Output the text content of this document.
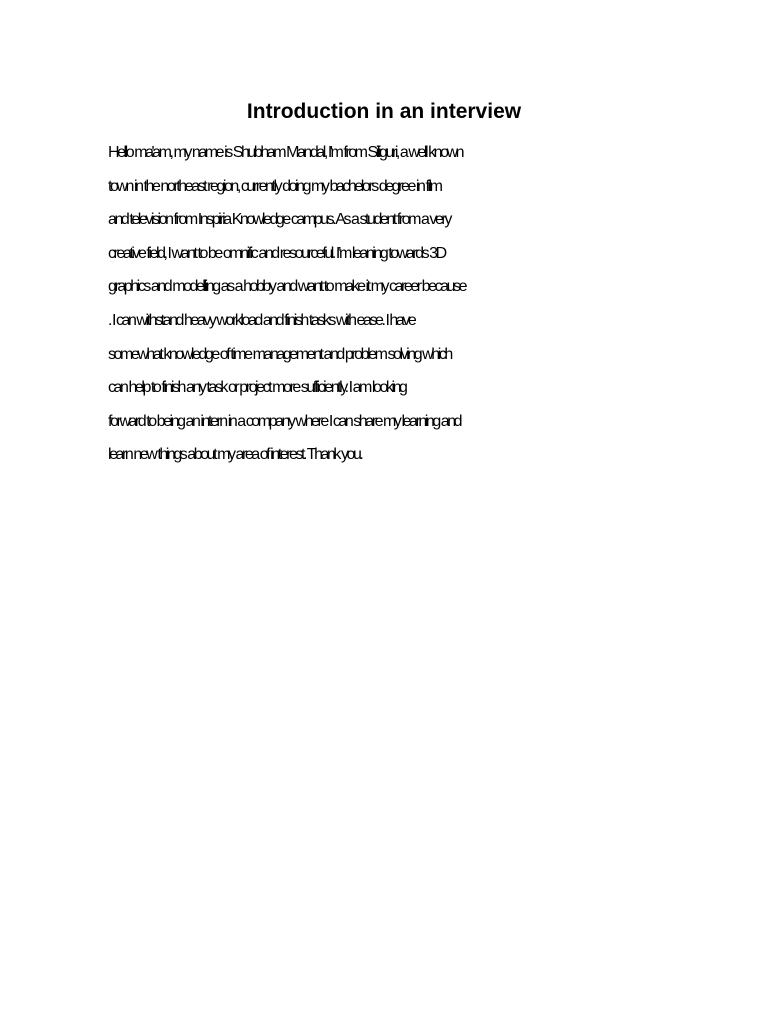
Introduction in an interview
Hello ma'am, my name is Shubham Mandal, I'm from Siliguri, a well known
town in the northeast region, currently doing my bachelors degree in film
and television from Inspiria Knowledge campus. As a student from a very
creative field, I want to be omnific and resourceful. I’m leaning towards 3D
graphics and modelling as a hobby and want to make it my career because
. I can withstand heavy workload and finish tasks with ease. I have
somewhat knowledge of time management and problem solving which
can help to finish any task or project more sufficiently. I am looking
forward to being an intern in a company where I can share my learning and
learn new things about my area of interest. Thank you.
